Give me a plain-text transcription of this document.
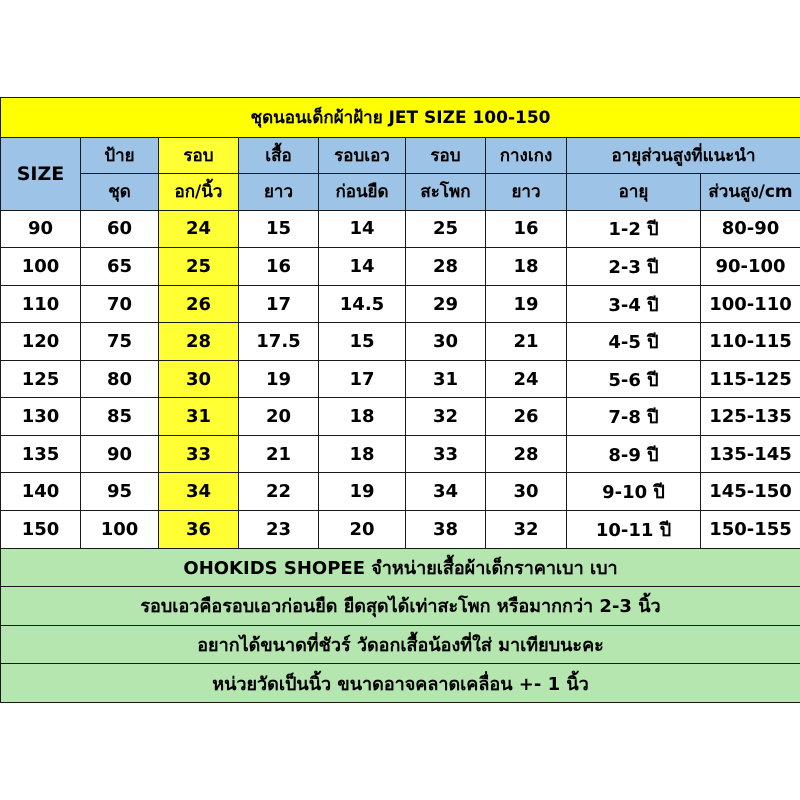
ชุดนอนเด็กผ้าฝ้าย JET SIZE 100-150								
SIZE	ป้าย	รอบ	เสื้อ	รอบเอว	รอบ	กางเกง	อายุส่วนสูงที่แนะนำ	
	ชุด	อก/นิ้ว	ยาว	ก่อนยืด	สะโพก	ยาว	อายุ	ส่วนสูง/cm
90	60	24	15	14	25	16	1-2 ปี	80-90
100	65	25	16	14	28	18	2-3 ปี	90-100
110	70	26	17	14.5	29	19	3-4 ปี	100-110
120	75	28	17.5	15	30	21	4-5 ปี	110-115
125	80	30	19	17	31	24	5-6 ปี	115-125
130	85	31	20	18	32	26	7-8 ปี	125-135
135	90	33	21	18	33	28	8-9 ปี	135-145
140	95	34	22	19	34	30	9-10 ปี	145-150
150	100	36	23	20	38	32	10-11 ปี	150-155
OHOKIDS SHOPEE จำหน่ายเสื้อผ้าเด็กราคาเบา เบา								
รอบเอวคือรอบเอวก่อนยืด ยืดสุดได้เท่าสะโพก หรือมากกว่า 2-3 นิ้ว								
อยากได้ขนาดที่ชัวร์ วัดอกเสื้อน้องที่ใส่ มาเทียบนะคะ								
หน่วยวัดเป็นนิ้ว ขนาดอาจคลาดเคลื่อน +- 1 นิ้ว								
